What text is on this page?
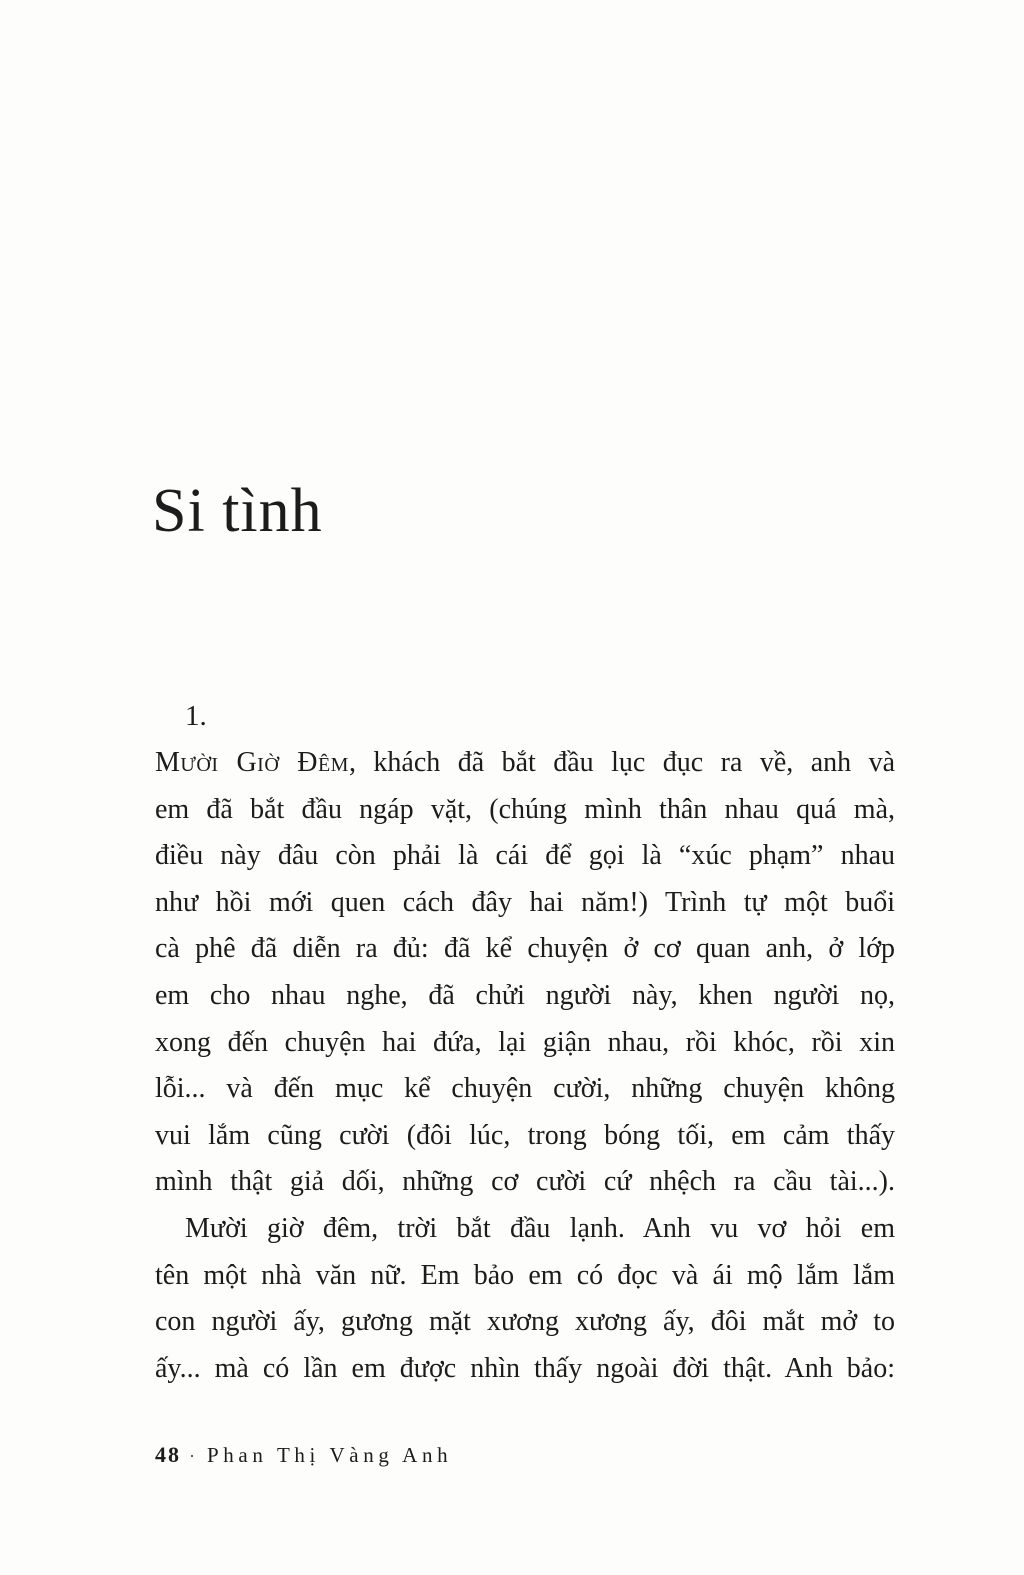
Si tình
1.
Mười Giờ Đêm, khách đã bắt đầu lục đục ra về, anh và
em đã bắt đầu ngáp vặt, (chúng mình thân nhau quá mà,
điều này đâu còn phải là cái để gọi là “xúc phạm” nhau
như hồi mới quen cách đây hai năm!) Trình tự một buổi
cà phê đã diễn ra đủ: đã kể chuyện ở cơ quan anh, ở lớp
em cho nhau nghe, đã chửi người này, khen người nọ,
xong đến chuyện hai đứa, lại giận nhau, rồi khóc, rồi xin
lỗi... và đến mục kể chuyện cười, những chuyện không
vui lắm cũng cười (đôi lúc, trong bóng tối, em cảm thấy
mình thật giả dối, những cơ cười cứ nhệch ra cầu tài...).
Mười giờ đêm, trời bắt đầu lạnh. Anh vu vơ hỏi em
tên một nhà văn nữ. Em bảo em có đọc và ái mộ lắm lắm
con người ấy, gương mặt xương xương ấy, đôi mắt mở to
ấy... mà có lần em được nhìn thấy ngoài đời thật. Anh bảo:
48 · Phan Thị Vàng Anh
